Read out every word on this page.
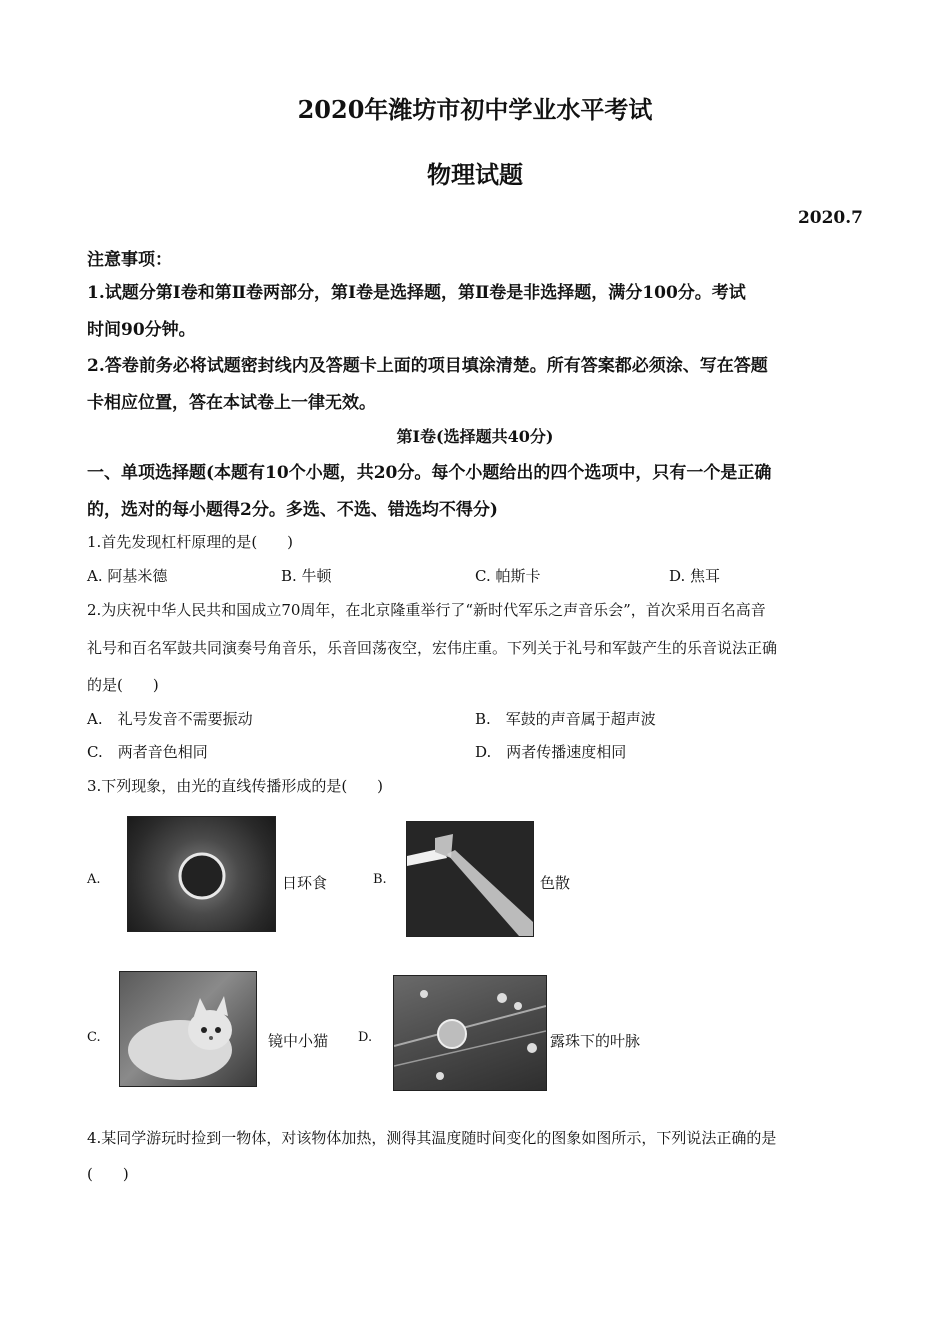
2020年潍坊市初中学业水平考试
物理试题
2020.7
注意事项：
1.试题分第Ⅰ卷和第Ⅱ卷两部分，第Ⅰ卷是选择题，第Ⅱ卷是非选择题，满分100分。考试
时间90分钟。
2.答卷前务必将试题密封线内及答题卡上面的项目填涂清楚。所有答案都必须涂、写在答题
卡相应位置，答在本试卷上一律无效。
第Ⅰ卷(选择题共40分)
一、单项选择题(本题有10个小题，共20分。每个小题给出的四个选项中，只有一个是正确
的，选对的每小题得2分。多选、不选、错选均不得分)
1.首先发现杠杆原理的是(　　)
A. 阿基米德	B. 牛顿	C. 帕斯卡	D. 焦耳
2.为庆祝中华人民共和国成立70周年，在北京隆重举行了“新时代军乐之声音乐会”，首次采用百名高音
礼号和百名军鼓共同演奏号角音乐，乐音回荡夜空，宏伟庄重。下列关于礼号和军鼓产生的乐音说法正确
的是(　　)
A.　礼号发音不需要振动	B.　军鼓的声音属于超声波
C.　两者音色相同	D.　两者传播速度相同
3.下列现象，由光的直线传播形成的是(　　)
A.	日环食	B.	色散
C.	镜中小猫 D.	露珠下的叶脉
4.某同学游玩时捡到一物体，对该物体加热，测得其温度随时间变化的图象如图所示，下列说法正确的是
(　　)
